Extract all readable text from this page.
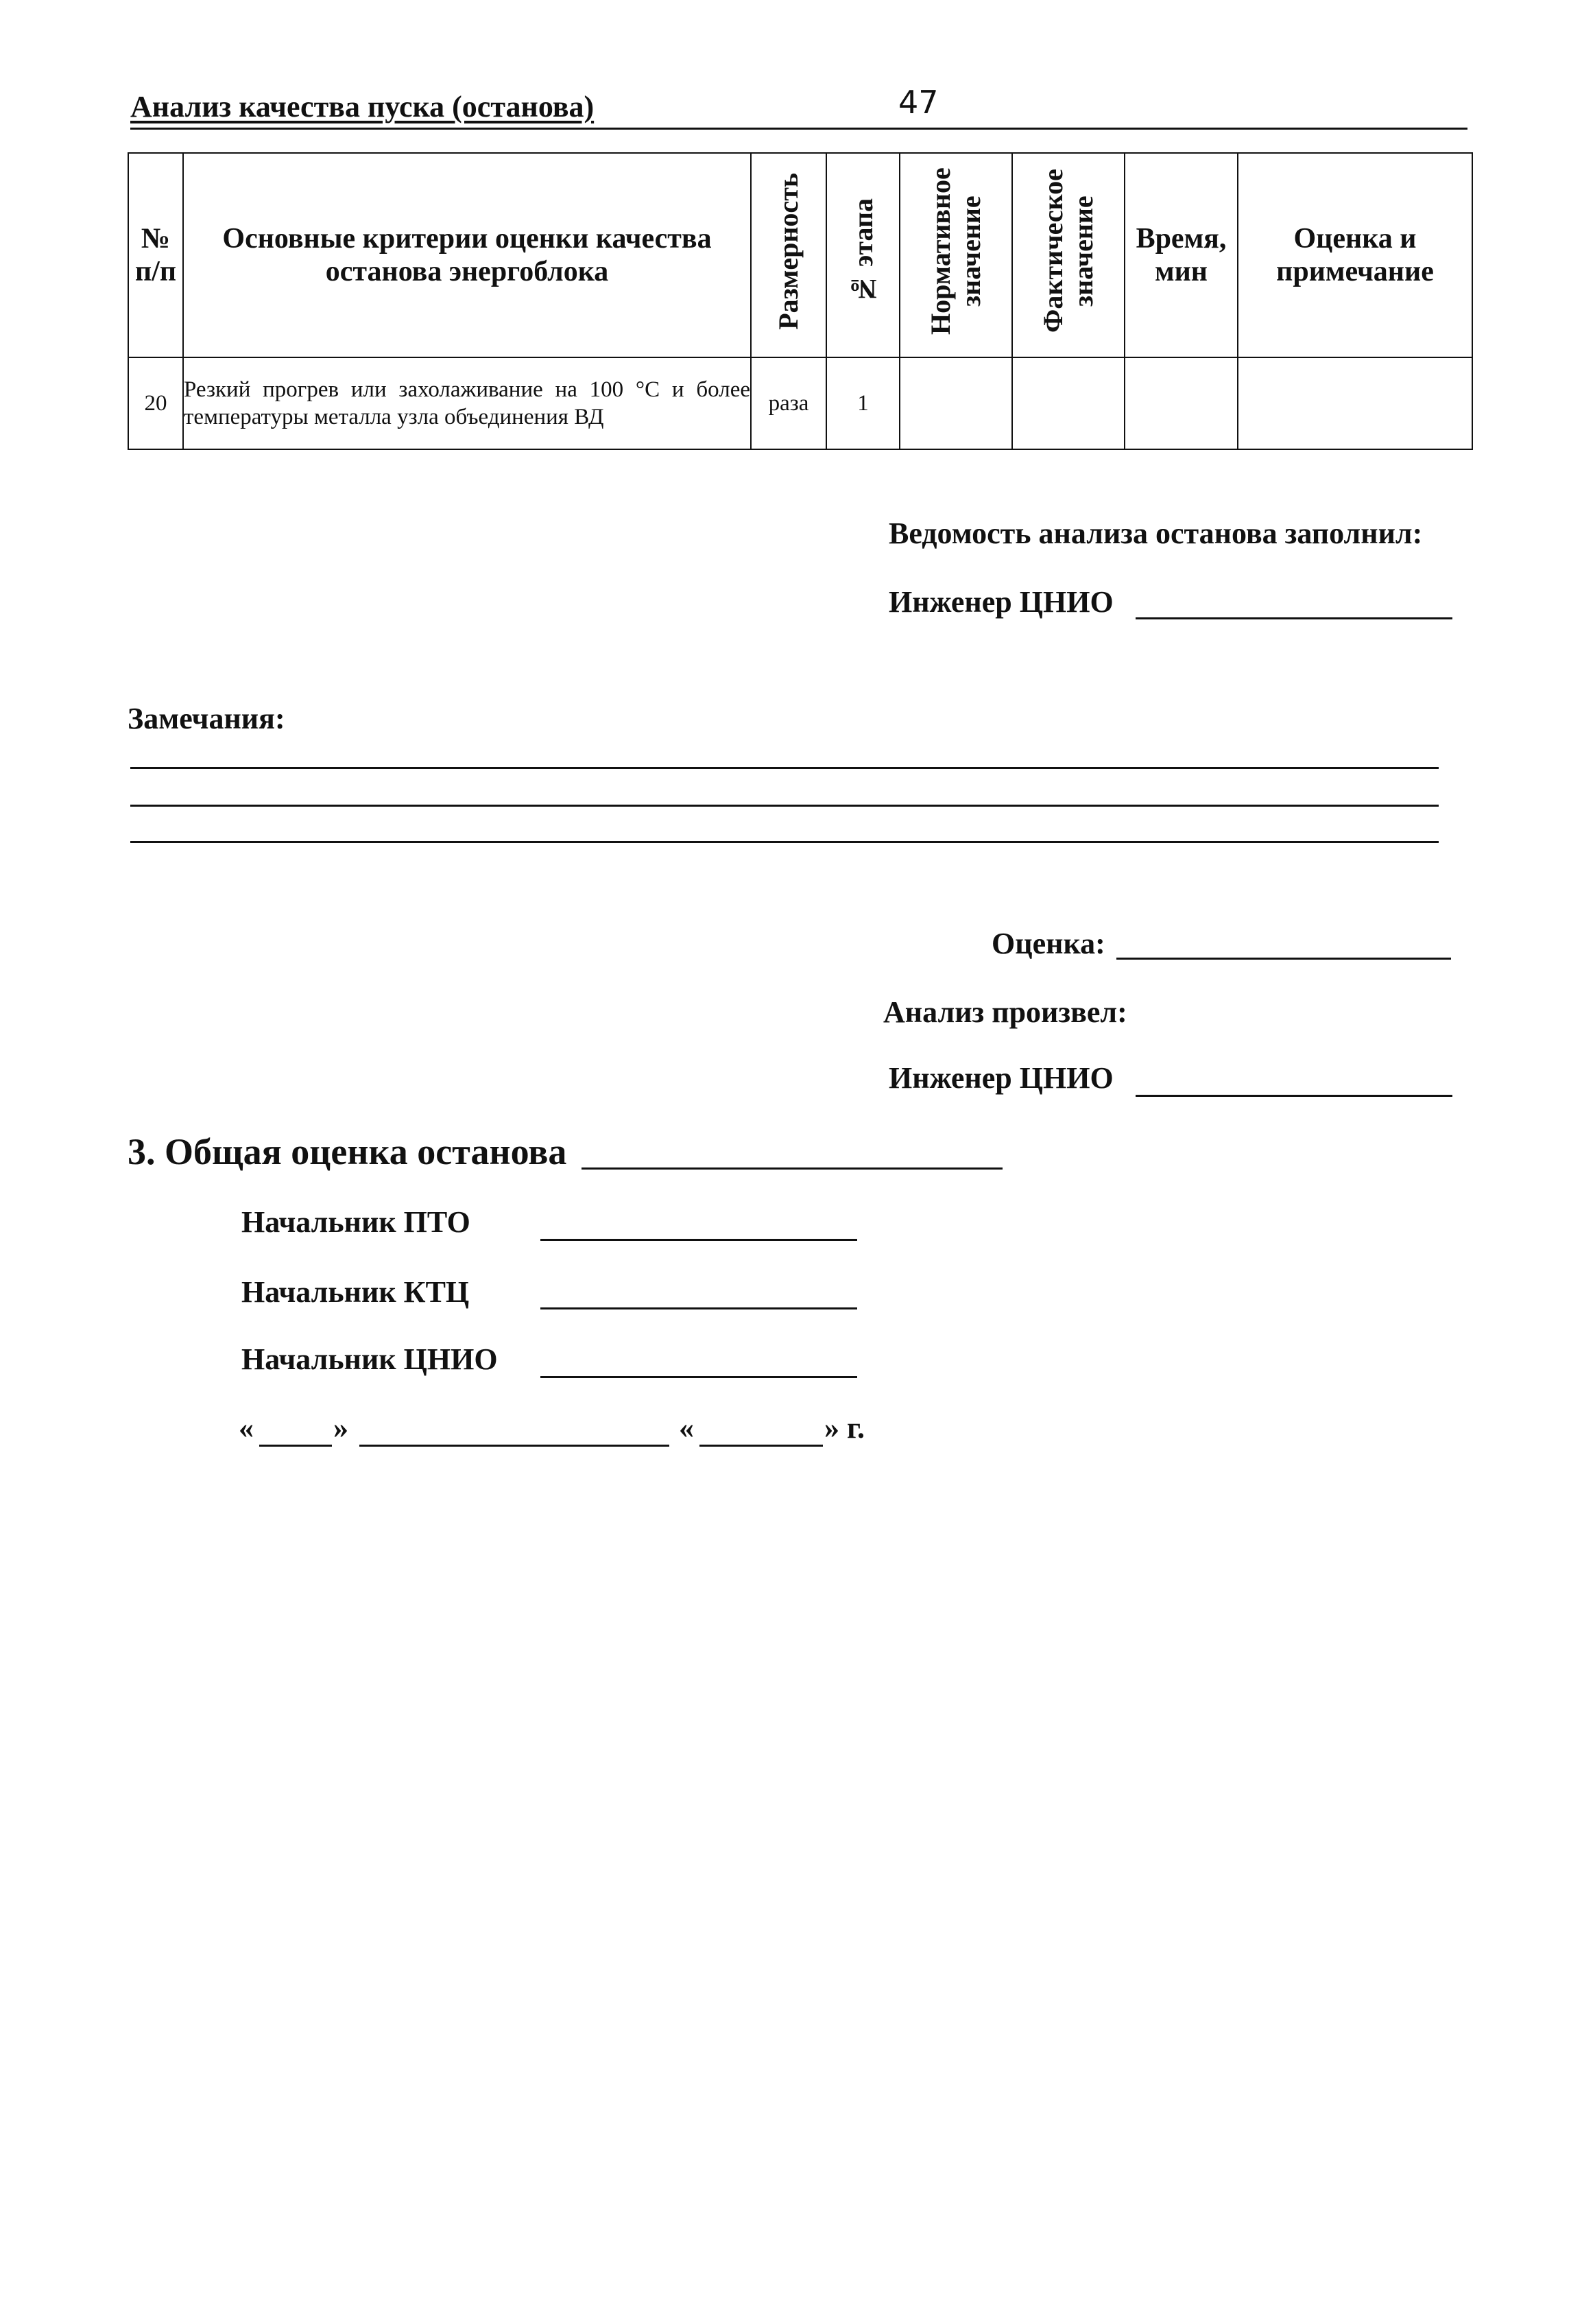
Анализ качества пуска (останова)	47
№ п/п	Основные критерии оценки качества останова энергоблока	Размерность	№ этапа	Нормативное значение	Фактическое значение	Время, мин	Оценка и примечание
20	Резкий прогрев или захолаживание на 100 °С и более температуры металла узла объединения ВД	раза	1				
Ведомость анализа останова заполнил:
Инженер ЦНИО
Замечания:
Оценка:
Анализ произвел:
Инженер ЦНИО
3. Общая оценка останова
Начальник ПТО
Начальник КТЦ
Начальник ЦНИО
«	»	«	» г.
